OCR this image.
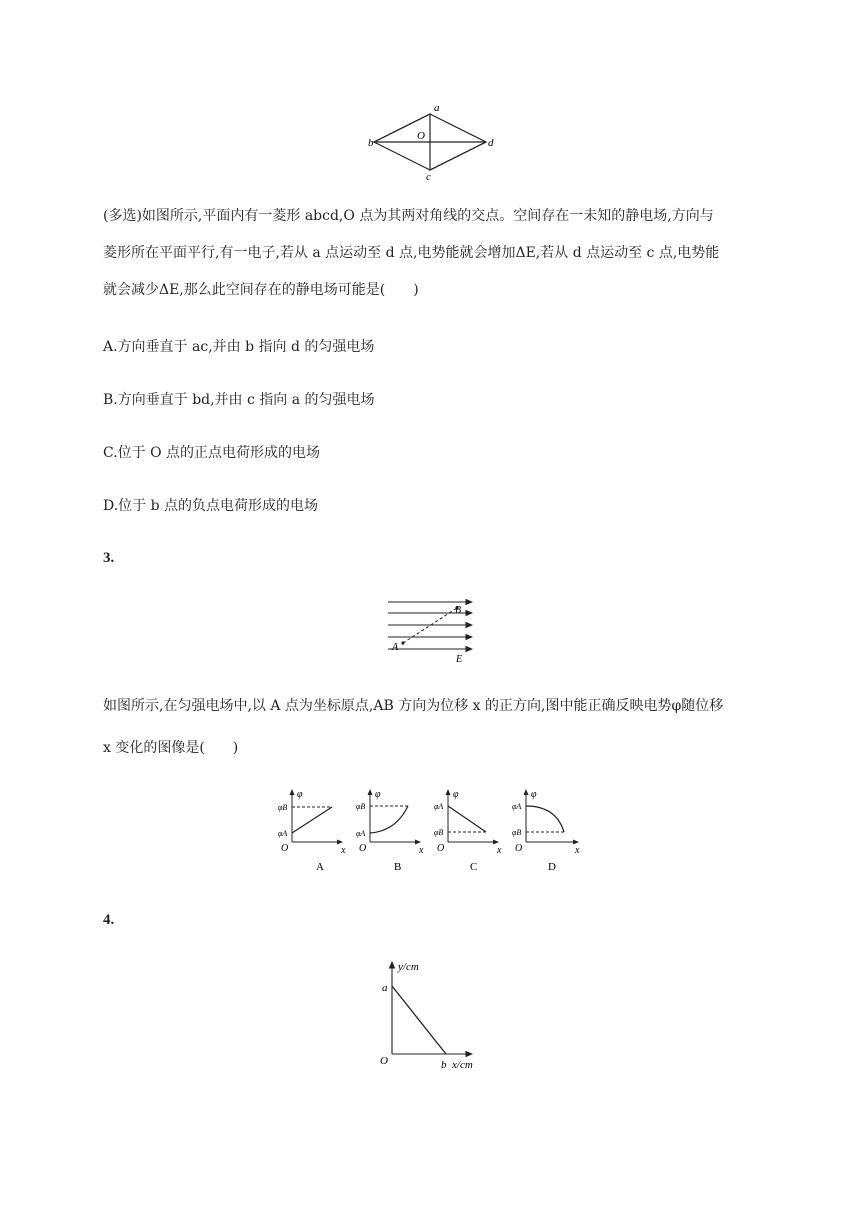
a
b	d
c
O
(多选)如图所示,平面内有一菱形 abcd,O 点为其两对角线的交点。空间存在一未知的静电场,方向与
菱形所在平面平行,有一电子,若从 a 点运动至 d 点,电势能就会增加ΔE,若从 d 点运动至 c 点,电势能
就会减少ΔE,那么此空间存在的静电场可能是(　　)
A.方向垂直于 ac,并由 b 指向 d 的匀强电场
B.方向垂直于 bd,并由 c 指向 a 的匀强电场
C.位于 O 点的正点电荷形成的电场
D.位于 b 点的负点电荷形成的电场
3.
A
B
E
如图所示,在匀强电场中,以 A 点为坐标原点,AB 方向为位移 x 的正方向,图中能正确反映电势φ随位移
x 变化的图像是(　　)
φ
φB
φA
O	x
A
φ
φB
φA
O	x
B
φ
φA
φB
O	x
C
φ
φA
φB
O	x
D
4.
y/cm
a
O	b x/cm
